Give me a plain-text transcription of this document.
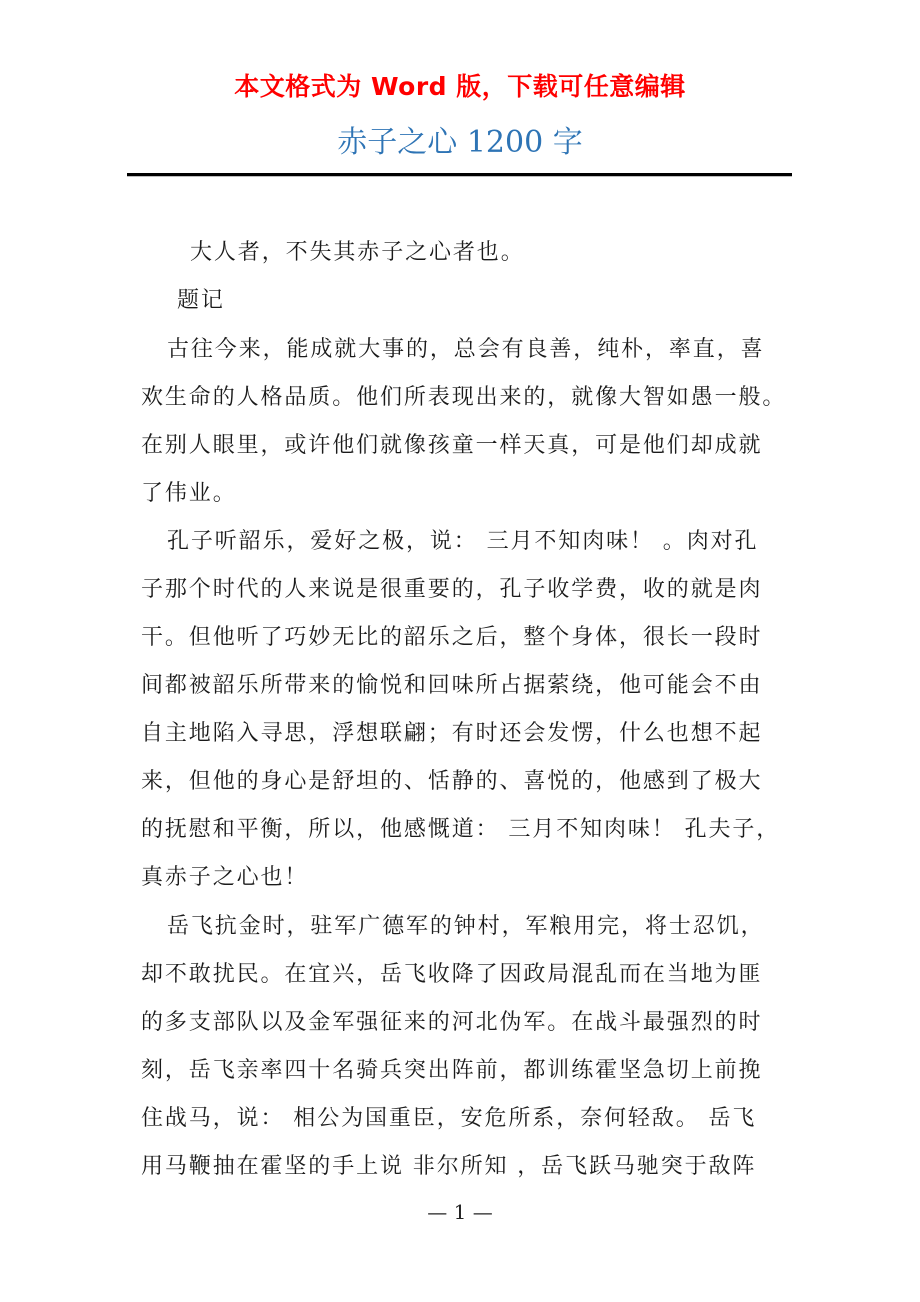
本文格式为 Word 版，下载可任意编辑
赤子之心 1200 字
大人者，不失其赤子之心者也。
题记
古往今来，能成就大事的，总会有良善，纯朴，率直，喜
欢生命的人格品质。他们所表现出来的，就像大智如愚一般。
在别人眼里，或许他们就像孩童一样天真，可是他们却成就
了伟业。
孔子听韶乐，爱好之极，说： 三月不知肉味！ 。肉对孔
子那个时代的人来说是很重要的，孔子收学费，收的就是肉
干。但他听了巧妙无比的韶乐之后，整个身体，很长一段时
间都被韶乐所带来的愉悦和回味所占据萦绕，他可能会不由
自主地陷入寻思，浮想联翩；有时还会发愣，什么也想不起
来，但他的身心是舒坦的、恬静的、喜悦的，他感到了极大
的抚慰和平衡，所以，他感慨道： 三月不知肉味！ 孔夫子，
真赤子之心也！
岳飞抗金时，驻军广德军的钟村，军粮用完，将士忍饥，
却不敢扰民。在宜兴，岳飞收降了因政局混乱而在当地为匪
的多支部队以及金军强征来的河北伪军。在战斗最强烈的时
刻，岳飞亲率四十名骑兵突出阵前，都训练霍坚急切上前挽
住战马，说： 相公为国重臣，安危所系，奈何轻敌。 岳飞
用马鞭抽在霍坚的手上说 非尔所知 ，岳飞跃马驰突于敌阵
— 1 —
